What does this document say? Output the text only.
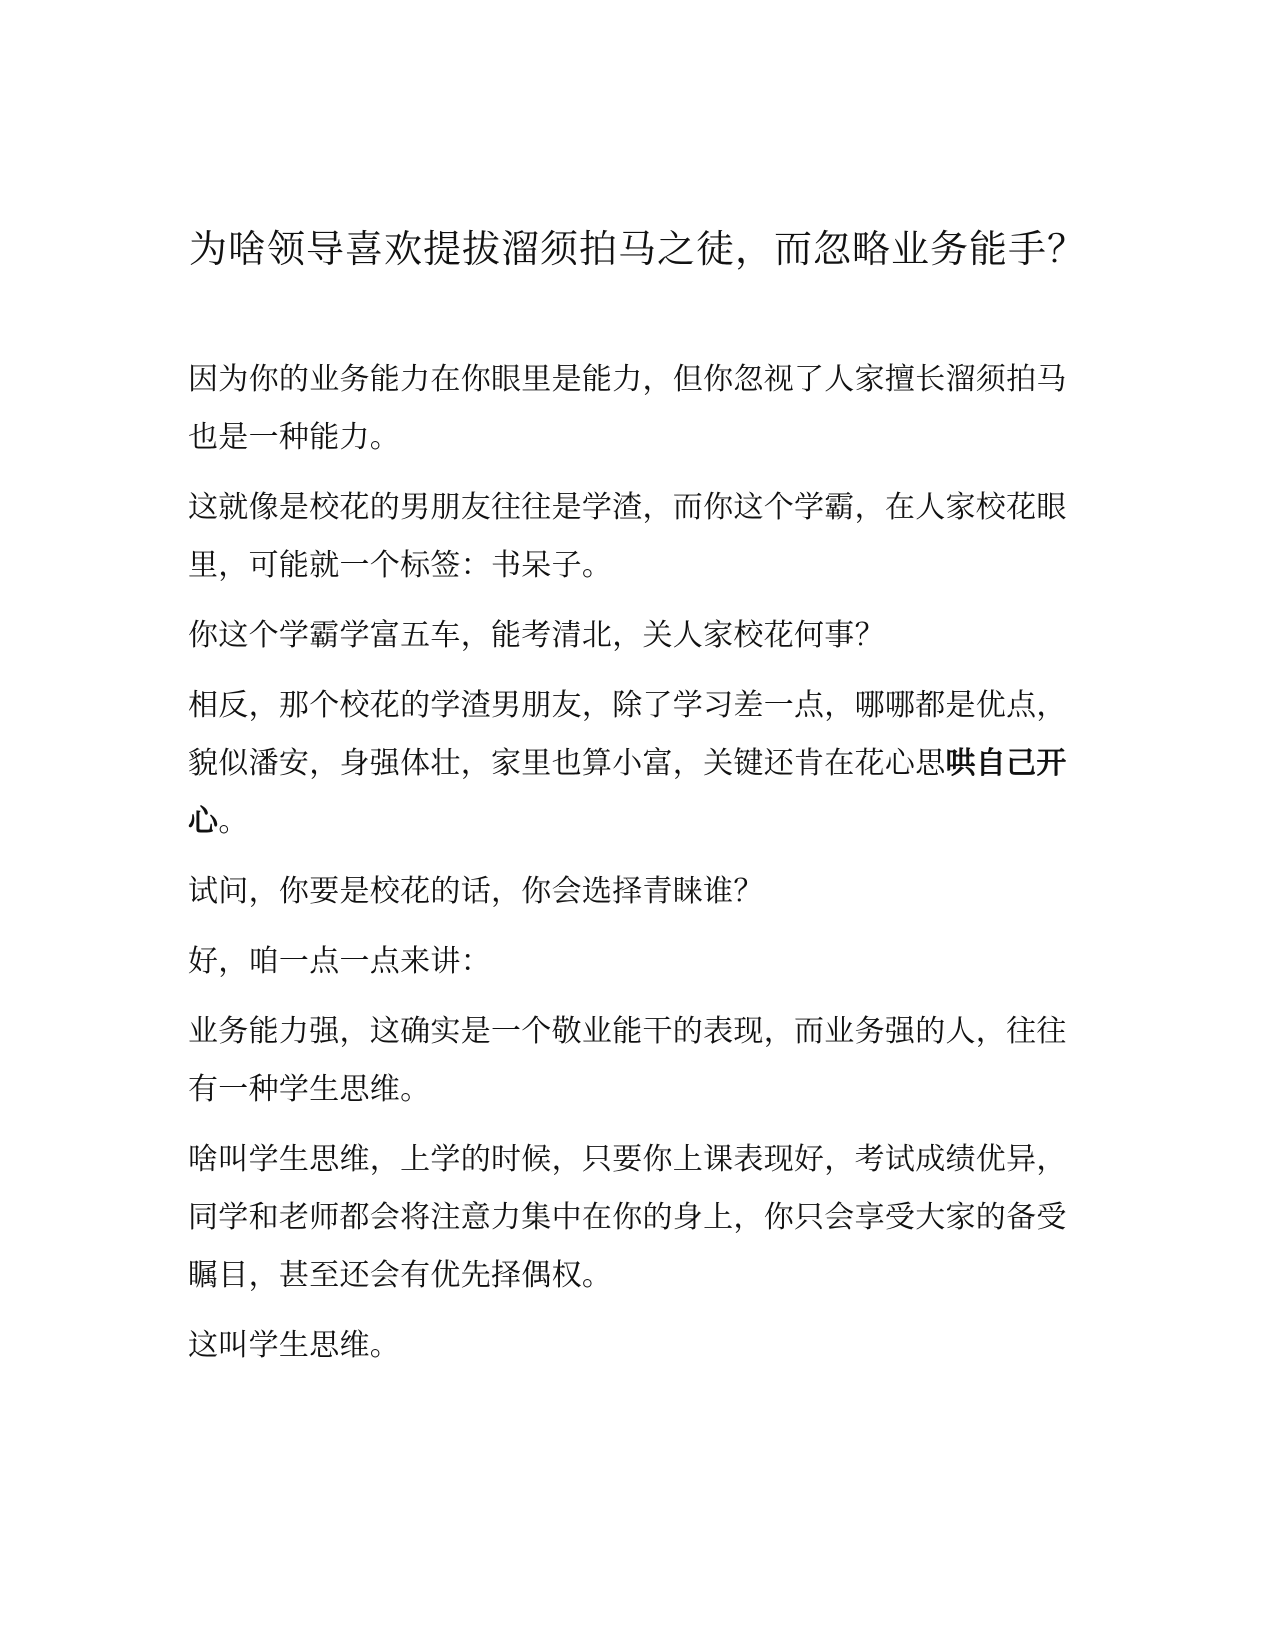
为啥领导喜欢提拔溜须拍马之徒，而忽略业务能手？

因为你的业务能力在你眼里是能力，但你忽视了人家擅长溜须拍马也是一种能力。

这就像是校花的男朋友往往是学渣，而你这个学霸，在人家校花眼里，可能就一个标签：书呆子。

你这个学霸学富五车，能考清北，关人家校花何事？

相反，那个校花的学渣男朋友，除了学习差一点，哪哪都是优点，貌似潘安，身强体壮，家里也算小富，关键还肯在花心思哄自己开心。

试问，你要是校花的话，你会选择青睐谁？

好，咱一点一点来讲：

业务能力强，这确实是一个敬业能干的表现，而业务强的人，往往有一种学生思维。

啥叫学生思维，上学的时候，只要你上课表现好，考试成绩优异，同学和老师都会将注意力集中在你的身上，你只会享受大家的备受瞩目，甚至还会有优先择偶权。

这叫学生思维。
